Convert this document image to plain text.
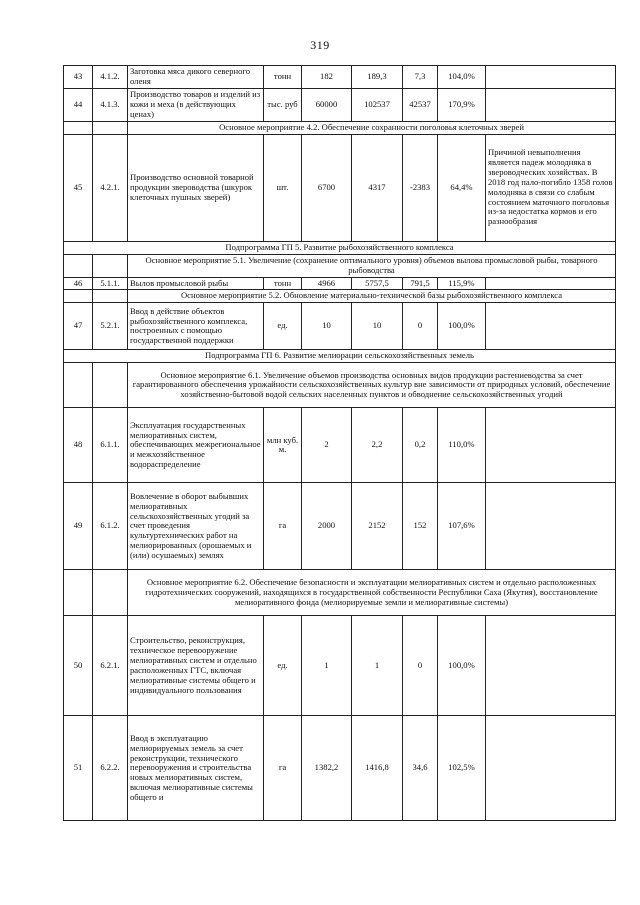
319
43	4.1.2.	Заготовка мяса дикого северного оленя	тонн	182	189,3	7,3	104,0%	
44	4.1.3.	Производство товаров и изделий из кожи и меха (в действующих ценах)	тыс. руб	60000	102537	42537	170,9%	
		Основное мероприятие 4.2. Обеспечение сохранности поголовья клеточных зверей						
45	4.2.1.	Производство основной товарной продукции звероводства (шкурок клеточных пушных зверей)	шт.	6700	4317	-2383	64,4%	Причиной невыполнения является падеж молодняка в звероводческих хозяйствах. В 2018 год пало-погибло 1358 голов молодняка в связи со слабым состоянием маточного поголовья из-за недостатка кормов и его разнообразия
Подпрограмма ГП 5. Развитие рыбохозяйственного комплекса								
		Основное мероприятие 5.1. Увеличение (сохранение оптимального уровня) объемов вылова промысловой рыбы, товарного рыбоводства						
46	5.1.1.	Вылов промысловой рыбы	тонн	4966	5757,5	791,5	115,9%	
		Основное мероприятие 5.2. Обновление материально-технической базы рыбохозяйственного комплекса						
47	5.2.1.	Ввод в действие объектов рыбохозяйственного комплекса, построенных с помощью государственной поддержки	ед.	10	10	0	100,0%	
Подпрограмма ГП 6. Развитие мелиорации сельскохозяйственных земель								
		Основное мероприятие 6.1. Увеличение объемов производства основных видов продукции растениеводства за счет гарантированного обеспечения урожайности сельскохозяйственных культур вне зависимости от природных условий, обеспечение хозяйственно-бытовой водой сельских населенных пунктов и обводнение сельскохозяйственных угодий						
48	6.1.1.	Эксплуатация государственных мелиоративных систем, обеспечивающих межрегиональное и межхозяйственное водораспределение	млн куб. м.	2	2,2	0,2	110,0%	
49	6.1.2.	Вовлечение в оборот выбывших мелиоративных сельскохозяйственных угодий за счет проведения культуртехнических работ на мелиорированных (орошаемых и (или) осушаемых) землях	га	2000	2152	152	107,6%	
		Основное мероприятие 6.2. Обеспечение безопасности и эксплуатации мелиоративных систем и отдельно расположенных гидротехнических сооружений, находящихся в государственной собственности Республики Саха (Якутия), восстановление мелиоративного фонда (мелиорируемые земли и мелиоративные системы)						
50	6.2.1.	Строительство, реконструкция, техническое перевооружение мелиоративных систем и отдельно расположенных ГТС, включая мелиоративные системы общего и индивидуального пользования	ед.	1	1	0	100,0%	
51	6.2.2.	Ввод в эксплуатацию мелиорируемых земель за счет реконструкции, технического перевооружения и строительства новых мелиоративных систем, включая мелиоративные системы общего и	га	1382,2	1416,8	34,6	102,5%	
